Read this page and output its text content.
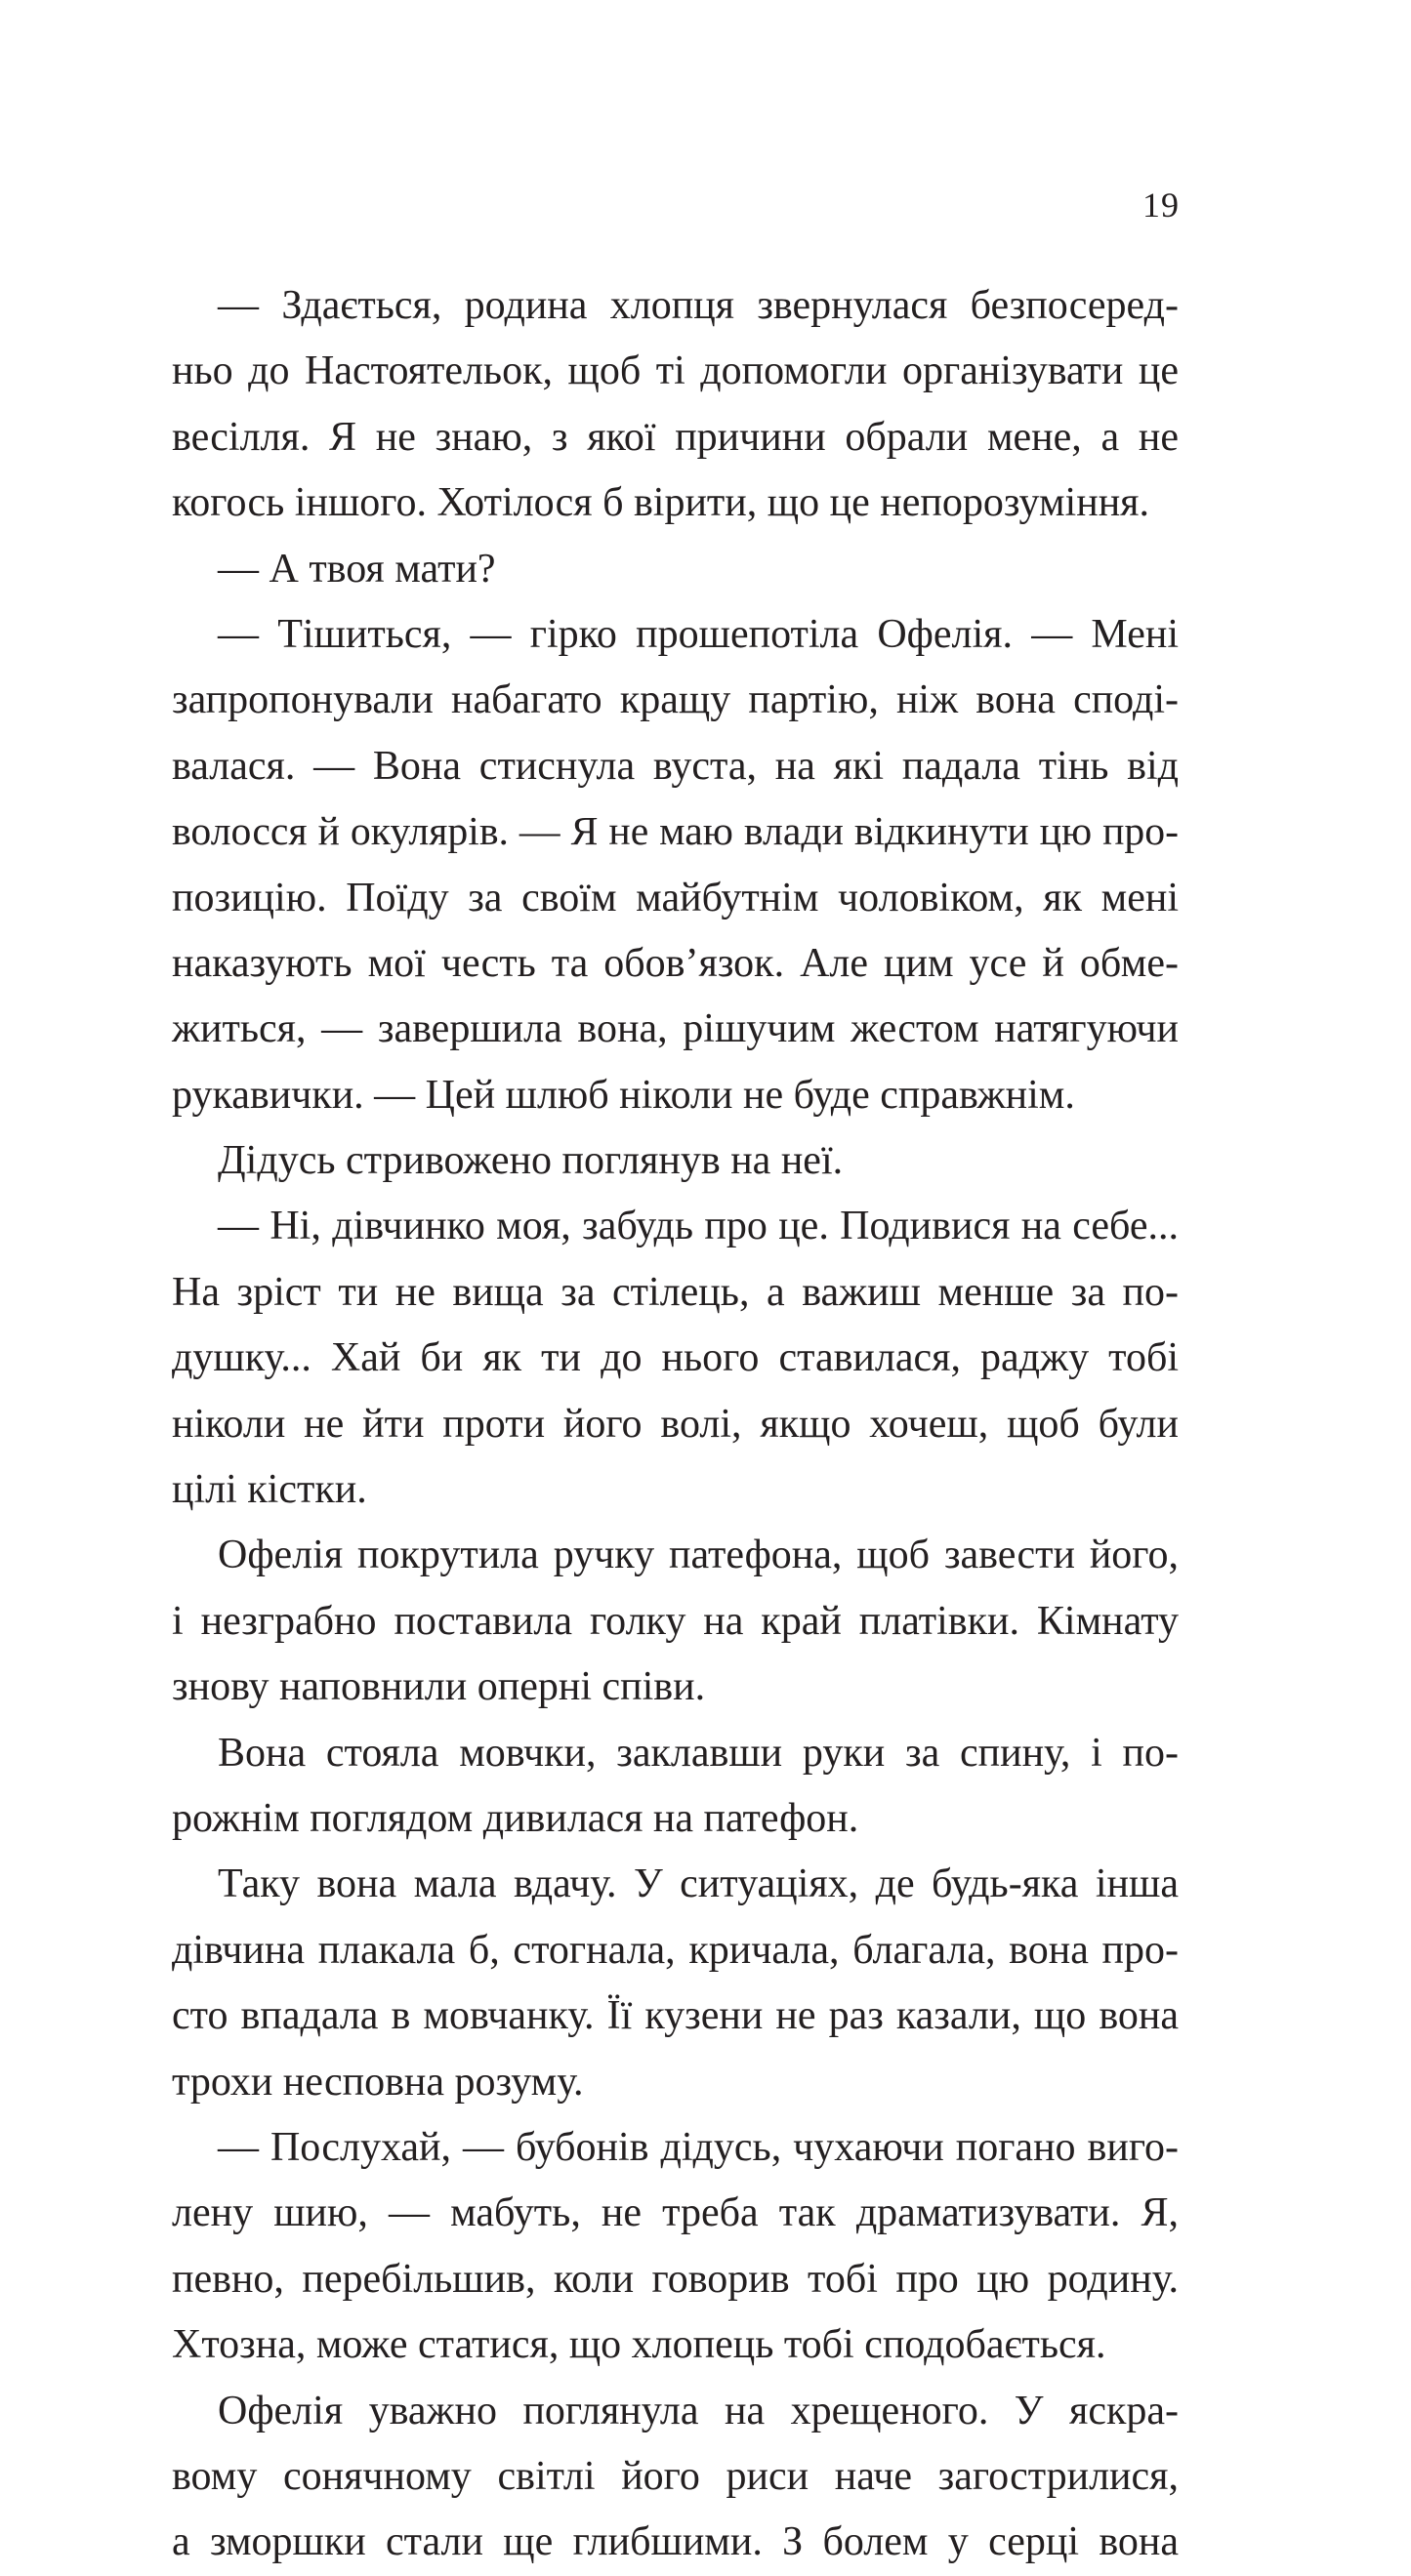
19
— Здається, родина хлопця звернулася безпосеред-
ньо до Настоятельок, щоб ті допомогли організувати це
весілля. Я не знаю, з якої причини обрали мене, а не
когось іншого. Хотілося б вірити, що це непорозуміння.
— А твоя мати?
— Тішиться, — гірко прошепотіла Офелія. — Мені
запропонували набагато кращу партію, ніж вона споді-
валася. — Вона стиснула вуста, на які падала тінь від
волосся й окулярів. — Я не маю влади відкинути цю про-
позицію. Поїду за своїм майбутнім чоловіком, як мені
наказують мої честь та обов’язок. Але цим усе й обме-
житься, — завершила вона, рішучим жестом натягуючи
рукавички. — Цей шлюб ніколи не буде справжнім.
Дідусь стривожено поглянув на неї.
— Ні, дівчинко моя, забудь про це. Подивися на себе...
На зріст ти не вища за стілець, а важиш менше за по-
душку... Хай би як ти до нього ставилася, раджу тобі
ніколи не йти проти його волі, якщо хочеш, щоб були
цілі кістки.
Офелія покрутила ручку патефона, щоб завести його,
і незграбно поставила голку на край платівки. Кімнату
знову наповнили оперні співи.
Вона стояла мовчки, заклавши руки за спину, і по-
рожнім поглядом дивилася на патефон.
Таку вона мала вдачу. У ситуаціях, де будь-яка інша
дівчина плакала б, стогнала, кричала, благала, вона про-
сто впадала в мовчанку. Її кузени не раз казали, що вона
трохи несповна розуму.
— Послухай, — бубонів дідусь, чухаючи погано виго-
лену шию, — мабуть, не треба так драматизувати. Я,
певно, перебільшив, коли говорив тобі про цю родину.
Хтозна, може статися, що хлопець тобі сподобається.
Офелія уважно поглянула на хрещеного. У яскра-
вому сонячному світлі його риси наче загострилися,
а зморшки стали ще глибшими. З болем у серці вона
